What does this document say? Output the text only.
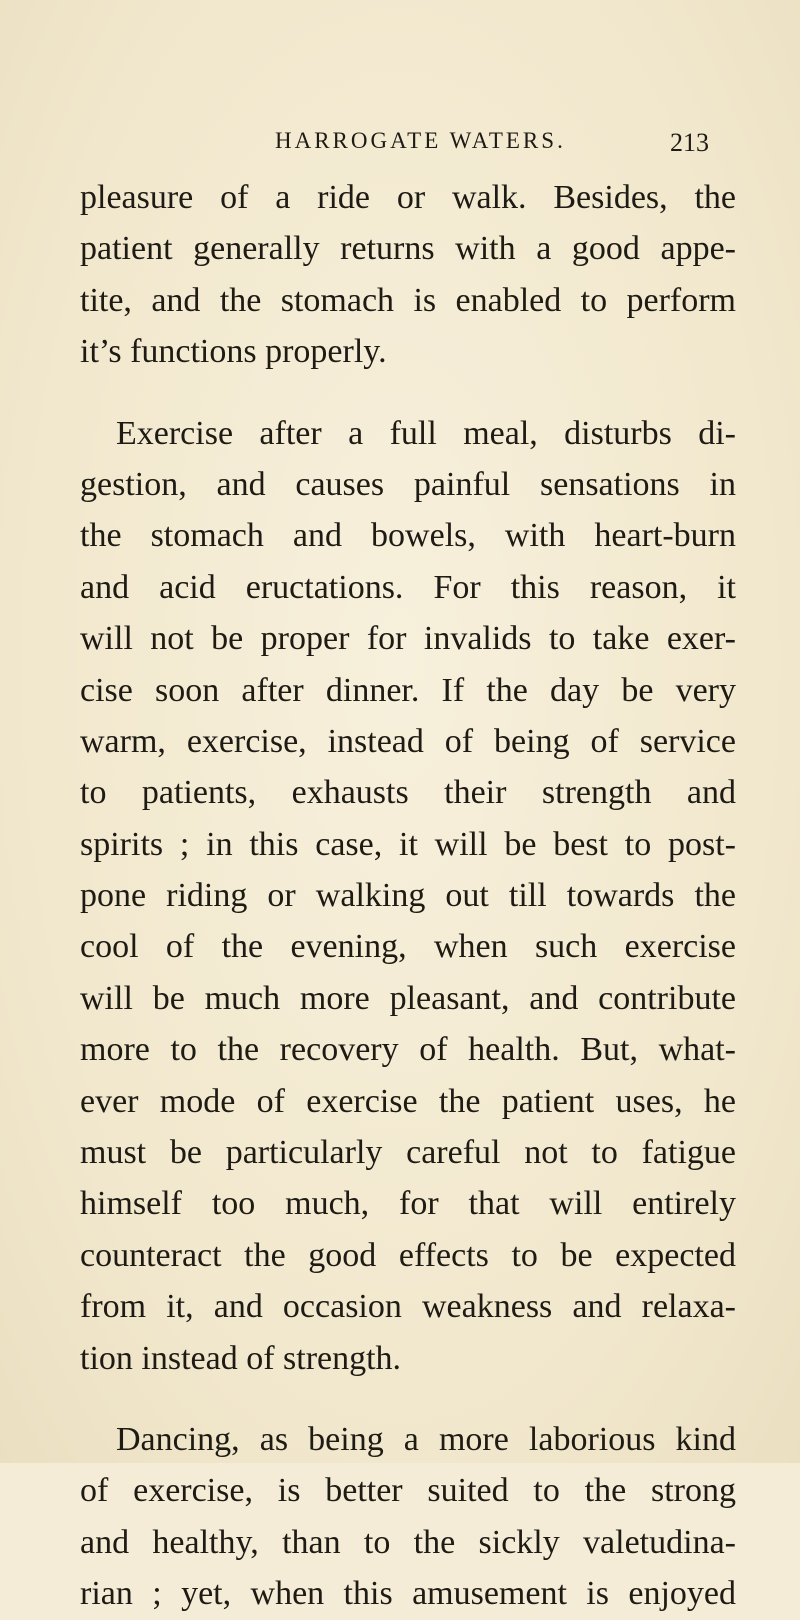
HARROGATE WATERS.	213
pleasure of a ride or walk. Besides, the
patient generally returns with a good appe-
tite, and the stomach is enabled to perform
it’s functions properly.
Exercise after a full meal, disturbs di-
gestion, and causes painful sensations in
the stomach and bowels, with heart-burn
and acid eructations. For this reason, it
will not be proper for invalids to take exer-
cise soon after dinner. If the day be very
warm, exercise, instead of being of service
to patients, exhausts their strength and
spirits ; in this case, it will be best to post-
pone riding or walking out till towards the
cool of the evening, when such exercise
will be much more pleasant, and contribute
more to the recovery of health. But, what-
ever mode of exercise the patient uses, he
must be particularly careful not to fatigue
himself too much, for that will entirely
counteract the good effects to be expected
from it, and occasion weakness and relaxa-
tion instead of strength.
Dancing, as being a more laborious kind
of exercise, is better suited to the strong
and healthy, than to the sickly valetudina-
rian ; yet, when this amusement is enjoyed
